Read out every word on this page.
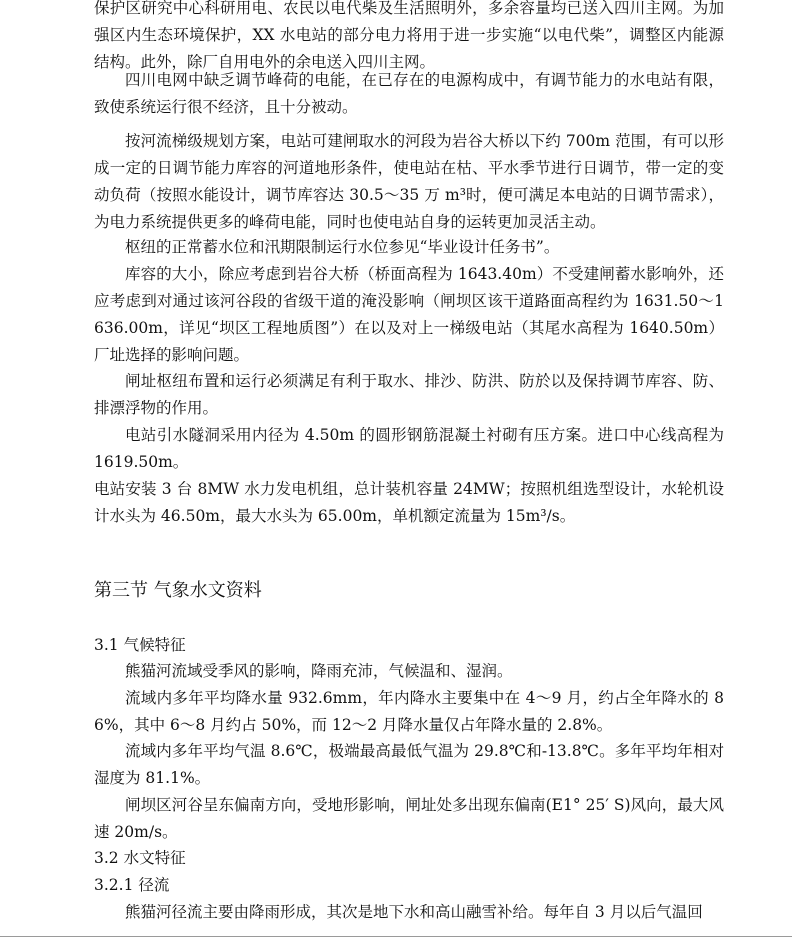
保护区研究中心科研用电、农民以电代柴及生活照明外，多余容量均已送入四川主网。为加强区内生态环境保护，XX 水电站的部分电力将用于进一步实施“以电代柴”，调整区内能源结构。此外，除厂自用电外的余电送入四川主网。

四川电网中缺乏调节峰荷的电能，在已存在的电源构成中，有调节能力的水电站有限，致使系统运行很不经济，且十分被动。

按河流梯级规划方案，电站可建闸取水的河段为岩谷大桥以下约 700m 范围，有可以形成一定的日调节能力库容的河道地形条件，使电站在枯、平水季节进行日调节，带一定的变动负荷（按照水能设计，调节库容达 30.5～35 万 m³时，便可满足本电站的日调节需求），为电力系统提供更多的峰荷电能，同时也使电站自身的运转更加灵活主动。

枢纽的正常蓄水位和汛期限制运行水位参见“毕业设计任务书”。

库容的大小，除应考虑到岩谷大桥（桥面高程为 1643.40m）不受建闸蓄水影响外，还应考虑到对通过该河谷段的省级干道的淹没影响（闸坝区该干道路面高程约为 1631.50～1636.00m，详见“坝区工程地质图”）在以及对上一梯级电站（其尾水高程为 1640.50m）厂址选择的影响问题。

闸址枢纽布置和运行必须满足有利于取水、排沙、防洪、防於以及保持调节库容、防、排漂浮物的作用。

电站引水隧洞采用内径为 4.50m 的圆形钢筋混凝土衬砌有压方案。进口中心线高程为 1619.50m。

电站安装 3 台 8MW 水力发电机组，总计装机容量 24MW；按照机组选型设计，水轮机设计水头为 46.50m，最大水头为 65.00m，单机额定流量为 15m³/s。

第三节 气象水文资料
3.1 气候特征

熊猫河流域受季风的影响，降雨充沛，气候温和、湿润。

流域内多年平均降水量 932.6mm，年内降水主要集中在 4～9 月，约占全年降水的 86%，其中 6～8 月约占 50%，而 12～2 月降水量仅占年降水量的 2.8%。

流域内多年平均气温 8.6℃，极端最高最低气温为 29.8℃和-13.8℃。多年平均年相对湿度为 81.1%。

闸坝区河谷呈东偏南方向，受地形影响，闸址处多出现东偏南(E1° 25′ S)风向，最大风速 20m/s。

3.2 水文特征
3.2.1 径流

熊猫河径流主要由降雨形成，其次是地下水和高山融雪补给。每年自 3 月以后气温回
